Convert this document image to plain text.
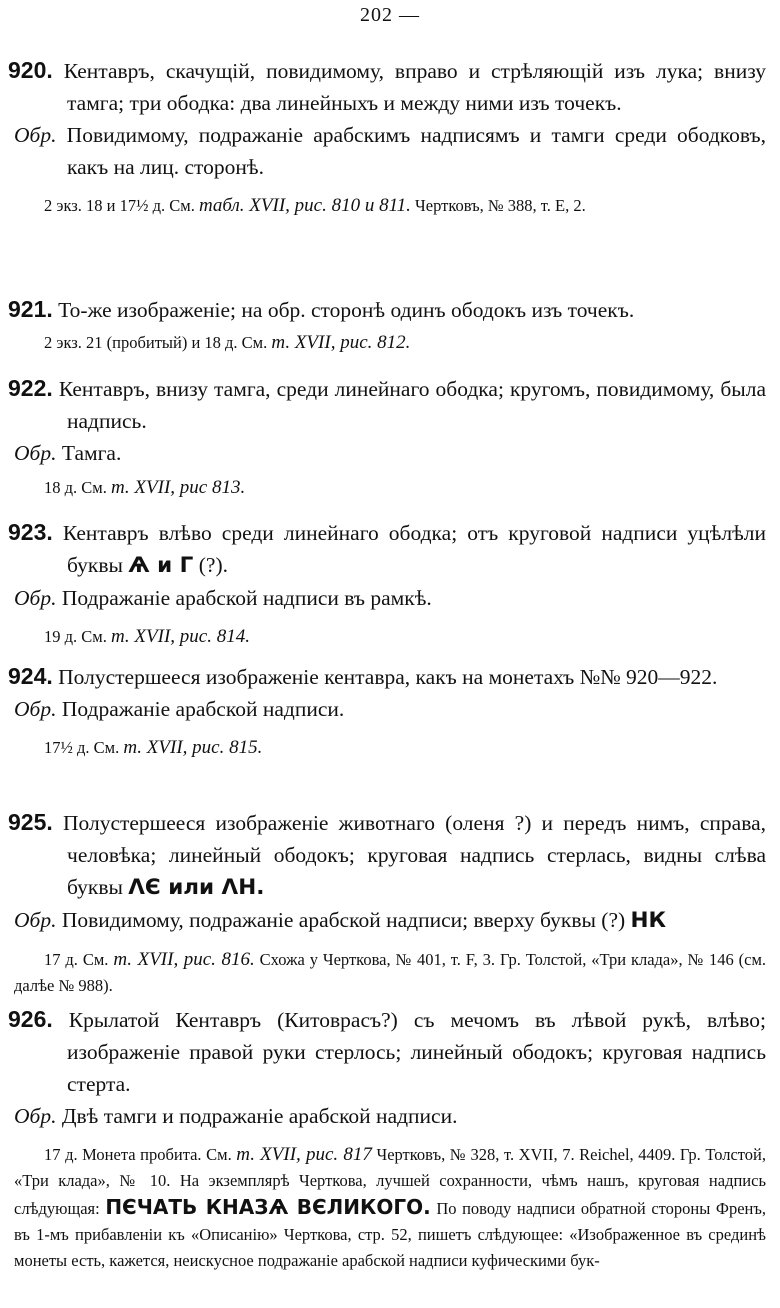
202 —

920. Кентавръ, скачущій, повидимому, вправо и стрѣляющій изъ лука; внизу тамга; три ободка: два линейныхъ и между ними изъ точекъ.

Обр. Повидимому, подражаніе арабскимъ надписямъ и тамги среди ободковъ, какъ на лиц. сторонѣ.

2 экз. 18 и 17½ д. См. табл. XVII, рис. 810 и 811. Чертковъ, № 388, т. E, 2.

921. То-же изображеніе; на обр. сторонѣ одинъ ободокъ изъ точекъ.

2 экз. 21 (пробитый) и 18 д. См. т. XVII, рис. 812.

922. Кентавръ, внизу тамга, среди линейнаго ободка; кругомъ, повидимому, была надпись.

Обр. Тамга.

18 д. См. т. XVII, рис 813.

923. Кентавръ влѣво среди линейнаго ободка; отъ круговой надписи уцѣлѣли буквы Ѧ и Г (?).

Обр. Подражаніе арабской надписи въ рамкѣ.

19 д. См. т. XVII, рис. 814.

924. Полустершееся изображеніе кентавра, какъ на монетахъ №№ 920—922.

Обр. Подражаніе арабской надписи.

17½ д. См. т. XVII, рис. 815.

925. Полустершееся изображеніе животнаго (оленя ?) и передъ нимъ, справа, человѣка; линейный ободокъ; круговая надпись стерлась, видны слѣва буквы ΛЄ или ΛН.

Обр. Повидимому, подражаніе арабской надписи; вверху буквы (?) НК

17 д. См. т. XVII, рис. 816. Схожа у Черткова, № 401, т. F, 3. Гр. Толстой, «Три клада», № 146 (см. далѣе № 988).

926. Крылатой Кентавръ (Китоврасъ?) съ мечомъ въ лѣвой рукѣ, влѣво; изображеніе правой руки стерлось; линейный ободокъ; круговая надпись стерта.

Обр. Двѣ тамги и подражаніе арабской надписи.

17 д. Монета пробита. См. т. XVII, рис. 817 Чертковъ, № 328, т. XVII, 7. Reichel, 4409. Гр. Толстой, «Три клада», № 10. На экземплярѣ Черткова, лучшей сохранности, чѣмъ нашъ, круговая надпись слѣдующая: ПЄЧАТЬ КНАЗѦ ВЄЛИКОГО. По поводу надписи обратной стороны Френъ, въ 1-мъ прибавленіи къ «Описанію» Черткова, стр. 52, пишетъ слѣдующее: «Изображенное въ срединѣ монеты есть, кажется, неискусное подражаніе арабской надписи куфическими бук-
